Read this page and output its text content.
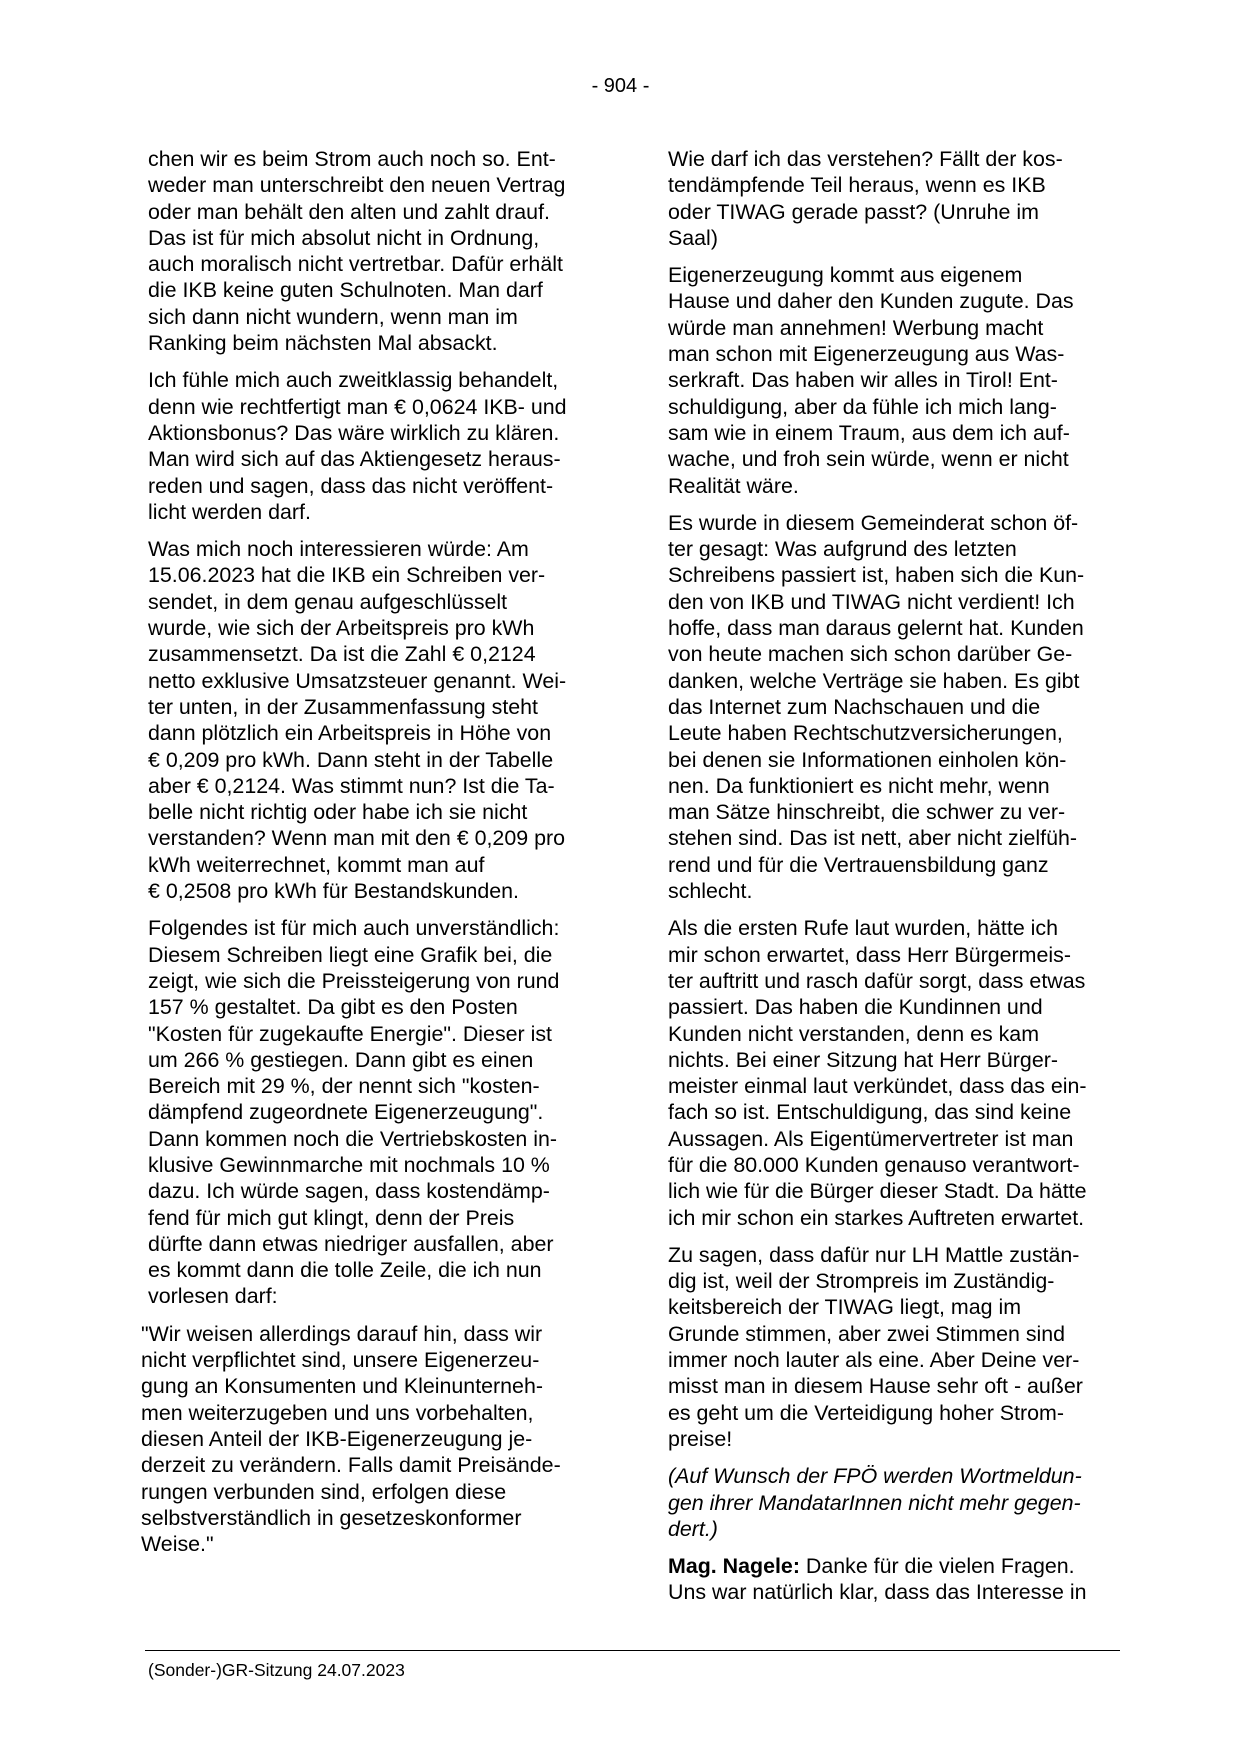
- 904 -

chen wir es beim Strom auch noch so. Ent-
weder man unterschreibt den neuen Vertrag
oder man behält den alten und zahlt drauf.
Das ist für mich absolut nicht in Ordnung,
auch moralisch nicht vertretbar. Dafür erhält
die IKB keine guten Schulnoten. Man darf
sich dann nicht wundern, wenn man im
Ranking beim nächsten Mal absackt.

Ich fühle mich auch zweitklassig behandelt,
denn wie rechtfertigt man € 0,0624 IKB- und
Aktionsbonus? Das wäre wirklich zu klären.
Man wird sich auf das Aktiengesetz heraus-
reden und sagen, dass das nicht veröffent-
licht werden darf.

Was mich noch interessieren würde: Am
15.06.2023 hat die IKB ein Schreiben ver-
sendet, in dem genau aufgeschlüsselt
wurde, wie sich der Arbeitspreis pro kWh
zusammensetzt. Da ist die Zahl € 0,2124
netto exklusive Umsatzsteuer genannt. Wei-
ter unten, in der Zusammenfassung steht
dann plötzlich ein Arbeitspreis in Höhe von
€ 0,209 pro kWh. Dann steht in der Tabelle
aber € 0,2124. Was stimmt nun? Ist die Ta-
belle nicht richtig oder habe ich sie nicht
verstanden? Wenn man mit den € 0,209 pro
kWh weiterrechnet, kommt man auf
€ 0,2508 pro kWh für Bestandskunden.

Folgendes ist für mich auch unverständlich:
Diesem Schreiben liegt eine Grafik bei, die
zeigt, wie sich die Preissteigerung von rund
157 % gestaltet. Da gibt es den Posten
"Kosten für zugekaufte Energie". Dieser ist
um 266 % gestiegen. Dann gibt es einen
Bereich mit 29 %, der nennt sich "kosten-
dämpfend zugeordnete Eigenerzeugung".
Dann kommen noch die Vertriebskosten in-
klusive Gewinnmarche mit nochmals 10 %
dazu. Ich würde sagen, dass kostendämp-
fend für mich gut klingt, denn der Preis
dürfte dann etwas niedriger ausfallen, aber
es kommt dann die tolle Zeile, die ich nun
vorlesen darf:

"Wir weisen allerdings darauf hin, dass wir
nicht verpflichtet sind, unsere Eigenerzeu-
gung an Konsumenten und Kleinunterneh-
men weiterzugeben und uns vorbehalten,
diesen Anteil der IKB-Eigenerzeugung je-
derzeit zu verändern. Falls damit Preisände-
rungen verbunden sind, erfolgen diese
selbstverständlich in gesetzeskonformer
Weise."

Wie darf ich das verstehen? Fällt der kos-
tendämpfende Teil heraus, wenn es IKB
oder TIWAG gerade passt? (Unruhe im
Saal)

Eigenerzeugung kommt aus eigenem
Hause und daher den Kunden zugute. Das
würde man annehmen! Werbung macht
man schon mit Eigenerzeugung aus Was-
serkraft. Das haben wir alles in Tirol! Ent-
schuldigung, aber da fühle ich mich lang-
sam wie in einem Traum, aus dem ich auf-
wache, und froh sein würde, wenn er nicht
Realität wäre.

Es wurde in diesem Gemeinderat schon öf-
ter gesagt: Was aufgrund des letzten
Schreibens passiert ist, haben sich die Kun-
den von IKB und TIWAG nicht verdient! Ich
hoffe, dass man daraus gelernt hat. Kunden
von heute machen sich schon darüber Ge-
danken, welche Verträge sie haben. Es gibt
das Internet zum Nachschauen und die
Leute haben Rechtschutzversicherungen,
bei denen sie Informationen einholen kön-
nen. Da funktioniert es nicht mehr, wenn
man Sätze hinschreibt, die schwer zu ver-
stehen sind. Das ist nett, aber nicht zielfüh-
rend und für die Vertrauensbildung ganz
schlecht.

Als die ersten Rufe laut wurden, hätte ich
mir schon erwartet, dass Herr Bürgermeis-
ter auftritt und rasch dafür sorgt, dass etwas
passiert. Das haben die Kundinnen und
Kunden nicht verstanden, denn es kam
nichts. Bei einer Sitzung hat Herr Bürger-
meister einmal laut verkündet, dass das ein-
fach so ist. Entschuldigung, das sind keine
Aussagen. Als Eigentümervertreter ist man
für die 80.000 Kunden genauso verantwort-
lich wie für die Bürger dieser Stadt. Da hätte
ich mir schon ein starkes Auftreten erwartet.

Zu sagen, dass dafür nur LH Mattle zustän-
dig ist, weil der Strompreis im Zuständig-
keitsbereich der TIWAG liegt, mag im
Grunde stimmen, aber zwei Stimmen sind
immer noch lauter als eine. Aber Deine ver-
misst man in diesem Hause sehr oft - außer
es geht um die Verteidigung hoher Strom-
preise!

(Auf Wunsch der FPÖ werden Wortmeldun-
gen ihrer MandatarInnen nicht mehr gegen-
dert.)

Mag. Nagele: Danke für die vielen Fragen.
Uns war natürlich klar, dass das Interesse in

(Sonder-)GR-Sitzung 24.07.2023
